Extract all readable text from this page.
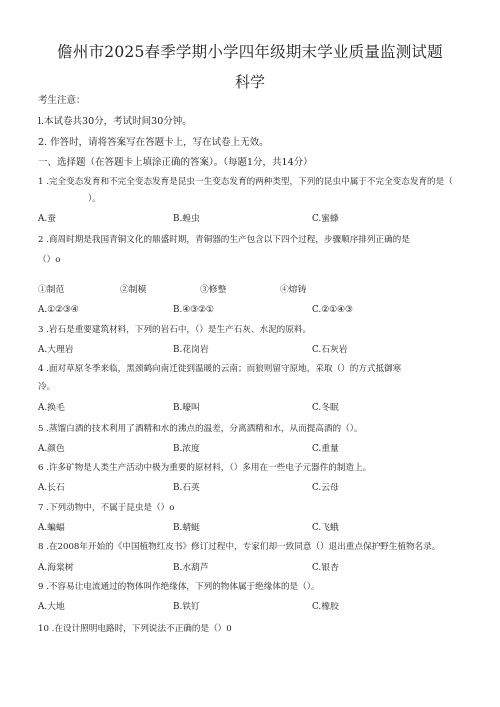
儋州市2025春季学期小学四年级期末学业质量监测试题
科学
考生注意：
l.本试卷共30分，考试时间30分钟。
2. 作答时，请将答案写在答题卡上，写在试卷上无效。
一、选择题（在答题卡上填涂正确的答案）。（每题1分，共14分）
1 .完全变态发育和不完全变态发育是昆虫一生变态发育的两种类型，下列的昆虫中属于不完全变态发育的是（
）。
A.蚕	B.蝗虫	C.蜜蜂
2 .商周时期是我国青铜文化的鼎盛时期，青铜器的生产包含以下四个过程，步骤顺序排列正确的是
（）o
①制范	②制模	③修整	④熔铸
A.①②③④	B.④③②①	C.②①④③
3 .岩石是重要建筑材料，下列的岩石中，（）是生产石灰、水泥的原料。
A.大理岩	B.花岗岩	C.石灰岩
4 .面对草原冬季来临，黑颈鹤向南迁徙到温暖的云南；而狼则留守原地，采取（）的方式抵御寒
冷。
A.换毛	B.嚎叫	C.冬眠
5 .蒸馏白酒的技术利用了酒精和水的沸点的温差，分离酒精和水，从而提高酒的（）。
A.颜色	B.浓度	C.重量
6 .许多矿物是人类生产活动中极为重要的原材料，（）多用在一些电子元器件的制造上。
A.长石	B.石英	C.云母
7 .下列动物中，不属于昆虫是（）o
A.蝙蝠	B.蜻蜓	C.飞蛾
8 .在2008年开始的《中国植物红皮书》修订过程中，专家们却一致同意（）退出重点保护野生植物名录。
A.海棠树	B.水葫芦	C.银杏
9 .不容易让电流通过的物体叫作绝缘体，下列的物体属于绝缘体的是（）。
A.大地	B.铁钉	C.橡胶
10 .在设计照明电路时，下列说法不正确的是（）0
